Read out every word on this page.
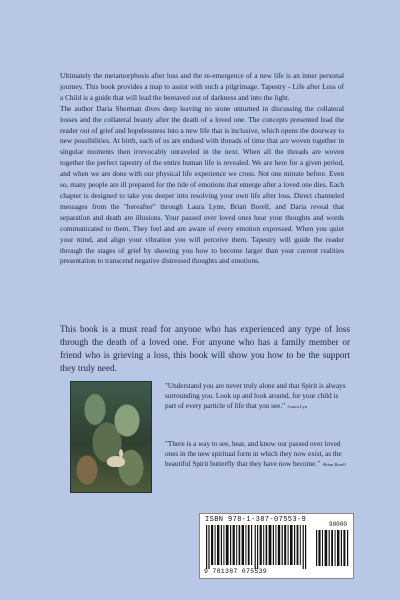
Ultimately the metamorphosis after loss and the re-emergence of a new life is an inner personal journey. This book provides a map to assist with such a pilgrimage. Tapestry - Life after Loss of a Child is a guide that will lead the bereaved out of darkness and into the light.

The author Daria Sherman dives deep leaving no stone unturned in discussing the collateral losses and the collateral beauty after the death of a loved one. The concepts presented lead the reader out of grief and hopelessness into a new life that is inclusive, which opens the doorway to new possibilities. At birth, each of us are endued with threads of time that are woven together in singular moments then irrevocably unraveled in the next. When all the threads are woven together the perfect tapestry of the entire human life is revealed. We are here for a given period, and when we are done with our physical life experience we cross. Not one minute before. Even so, many people are ill prepared for the tide of emotions that emerge after a loved one dies. Each chapter is designed to take you deeper into resolving your own life after loss. Direct channeled messages from the "hereafter" through Laura Lynn, Brian Borell, and Daria reveal that separation and death are illusions. Your passed over loved ones hear your thoughts and words communicated to them. They feel and are aware of every emotion expressed. When you quiet your mind, and align your vibration you will perceive them. Tapestry will guide the reader through the stages of grief by showing you how to become larger than your current realities presentation to transcend negative distressed thoughts and emotions.

This book is a must read for anyone who has experienced any type of loss through the death of a loved one. For anyone who has a family member or friend who is grieving a loss, this book will show you how to be the support they truly need.

"Understand you are never truly alone and that Spirit is always surrounding you. Look up and look around, for your child is part of every particle of life that you see." -Laura Lyn

"There is a way to see, hear, and know our passed over loved ones in the new spiritual form in which they now exist, as the beautiful Spirit butterfly that they have now become." -Brian Borell

ISBN 978-1-387-07553-9
90000
9 781387 075539
